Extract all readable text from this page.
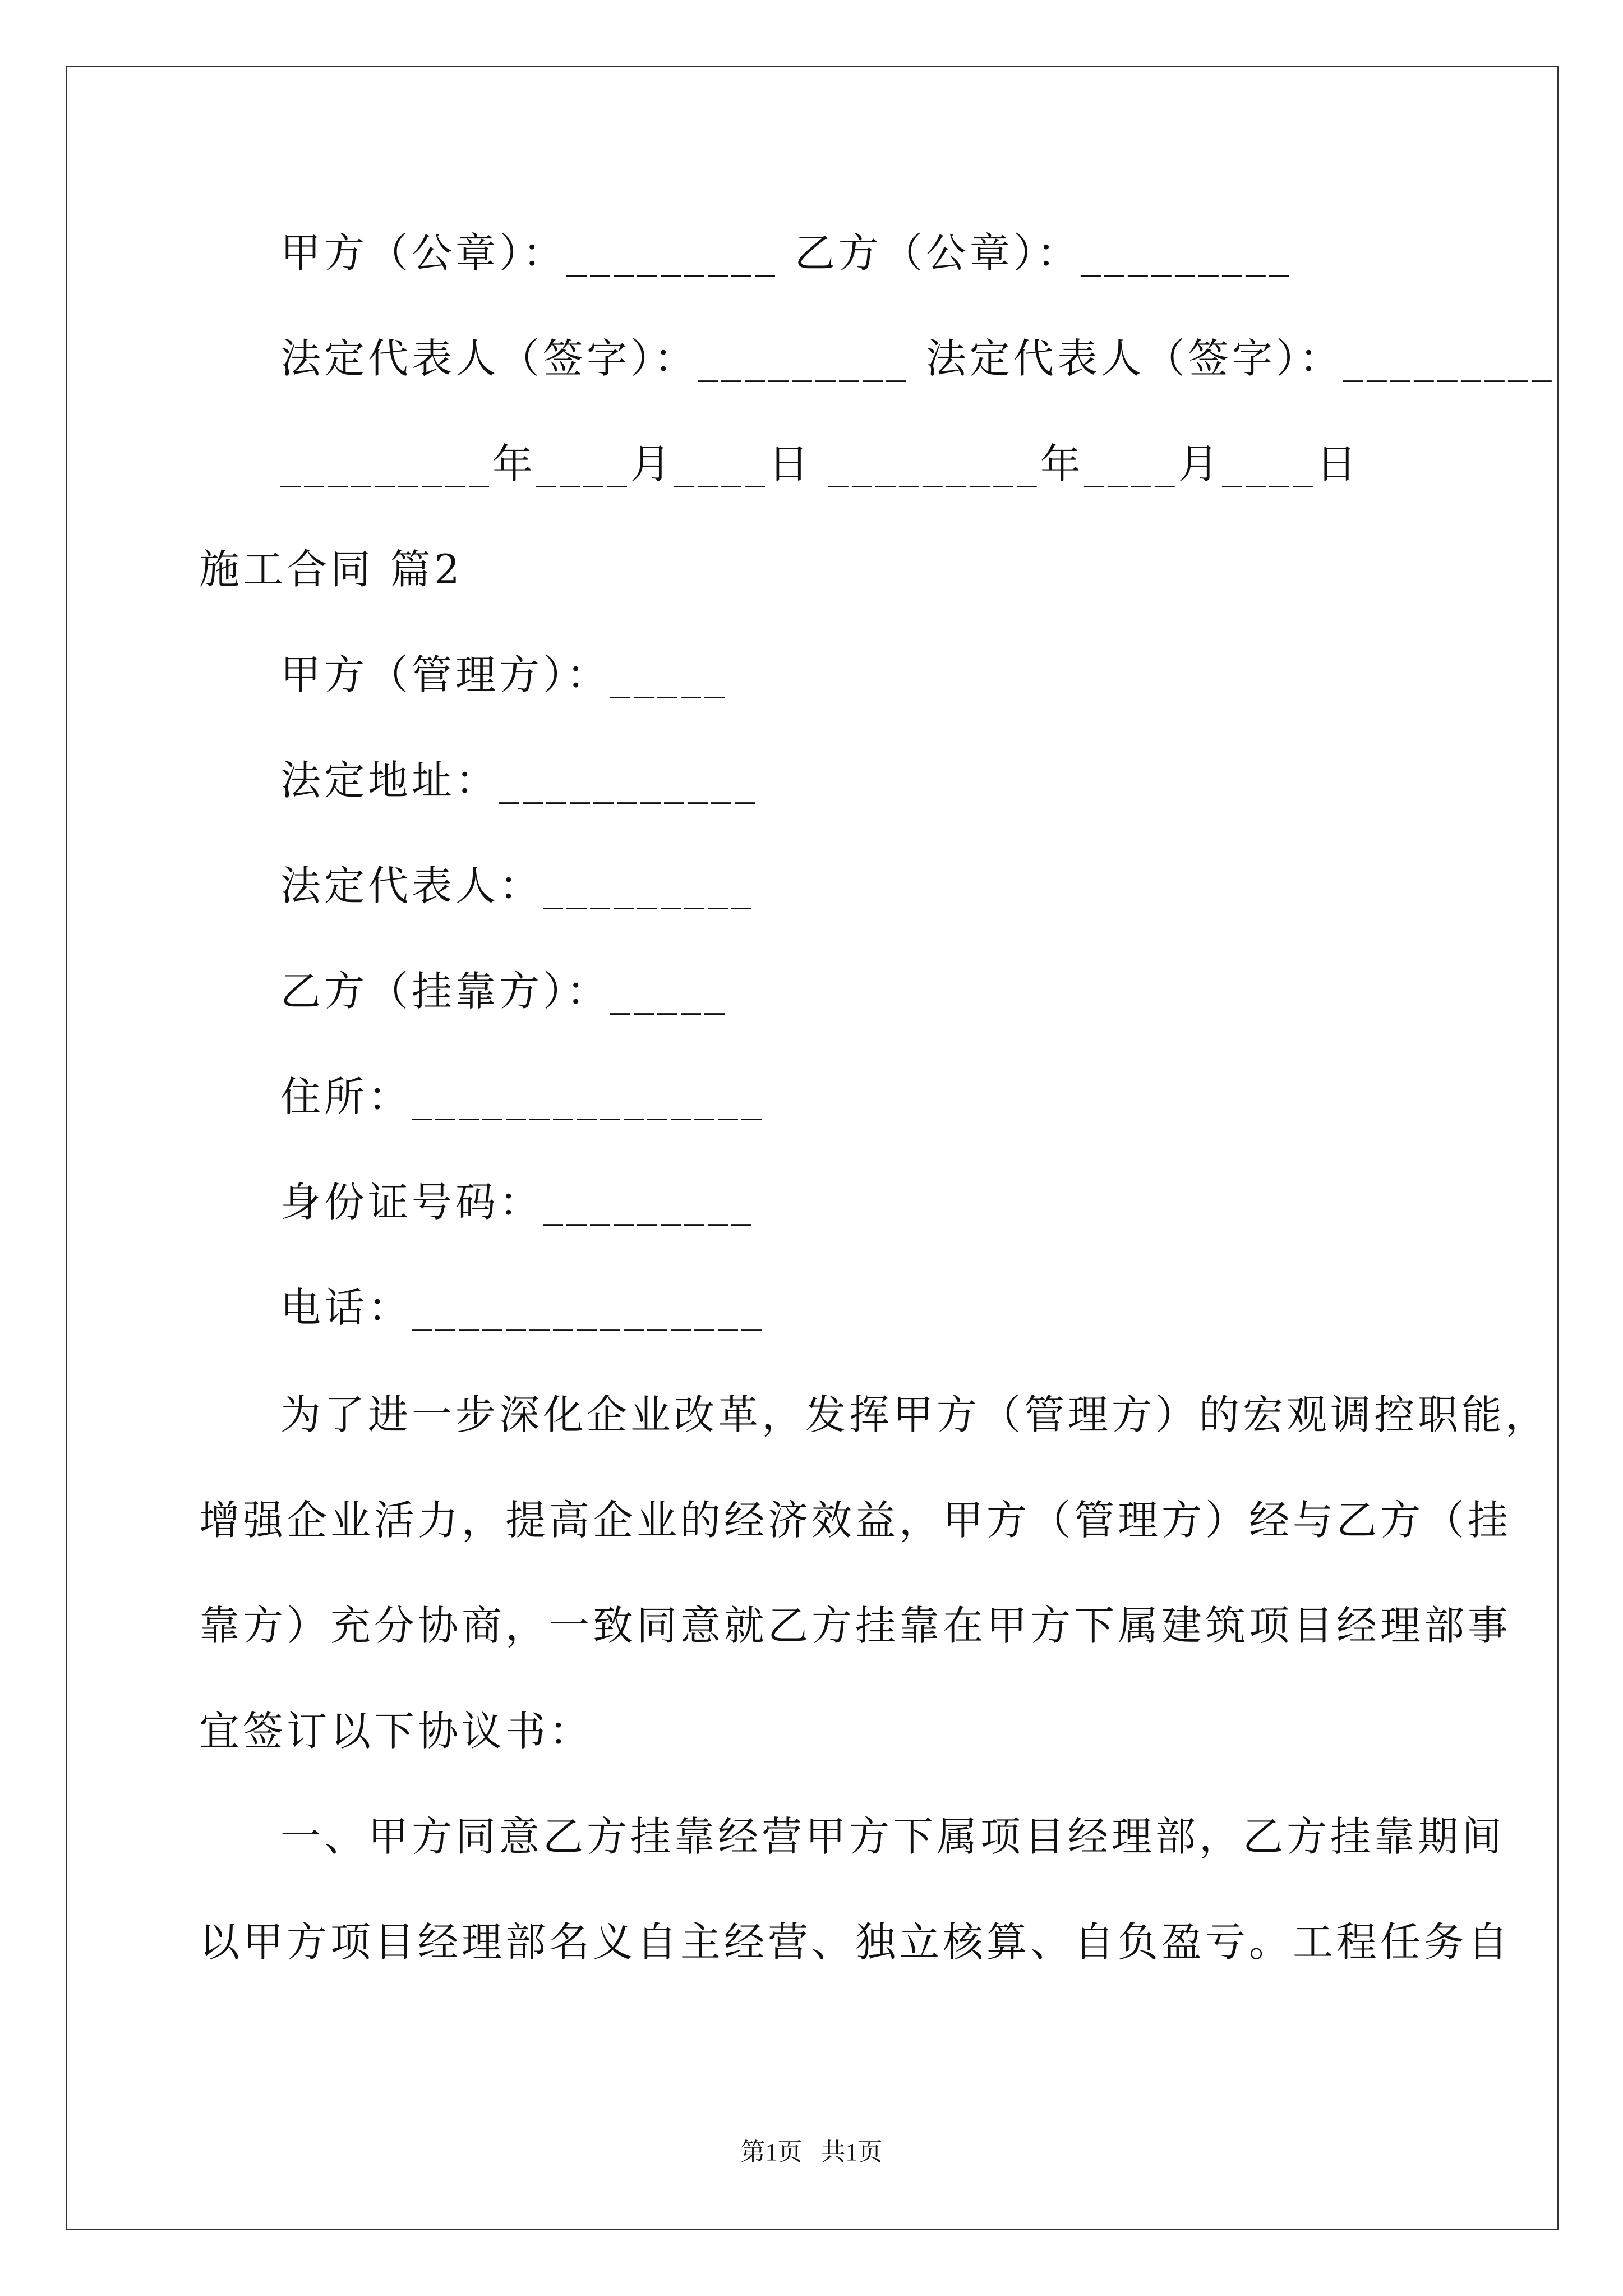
甲方（公章）：_________ 乙方（公章）：_________
法定代表人（签字）：_________ 法定代表人（签字）：_________
_________年____月____日 _________年____月____日
施工合同 篇2
甲方（管理方）：_____
法定地址：___________
法定代表人：_________
乙方（挂靠方）：_____
住所：_______________
身份证号码：_________
电话：_______________
为了进一步深化企业改革，发挥甲方（管理方）的宏观调控职能，
增强企业活力，提高企业的经济效益，甲方（管理方）经与乙方（挂
靠方）充分协商，一致同意就乙方挂靠在甲方下属建筑项目经理部事
宜签订以下协议书：
一、甲方同意乙方挂靠经营甲方下属项目经理部，乙方挂靠期间
以甲方项目经理部名义自主经营、独立核算、自负盈亏。工程任务自
第1页   共1页
